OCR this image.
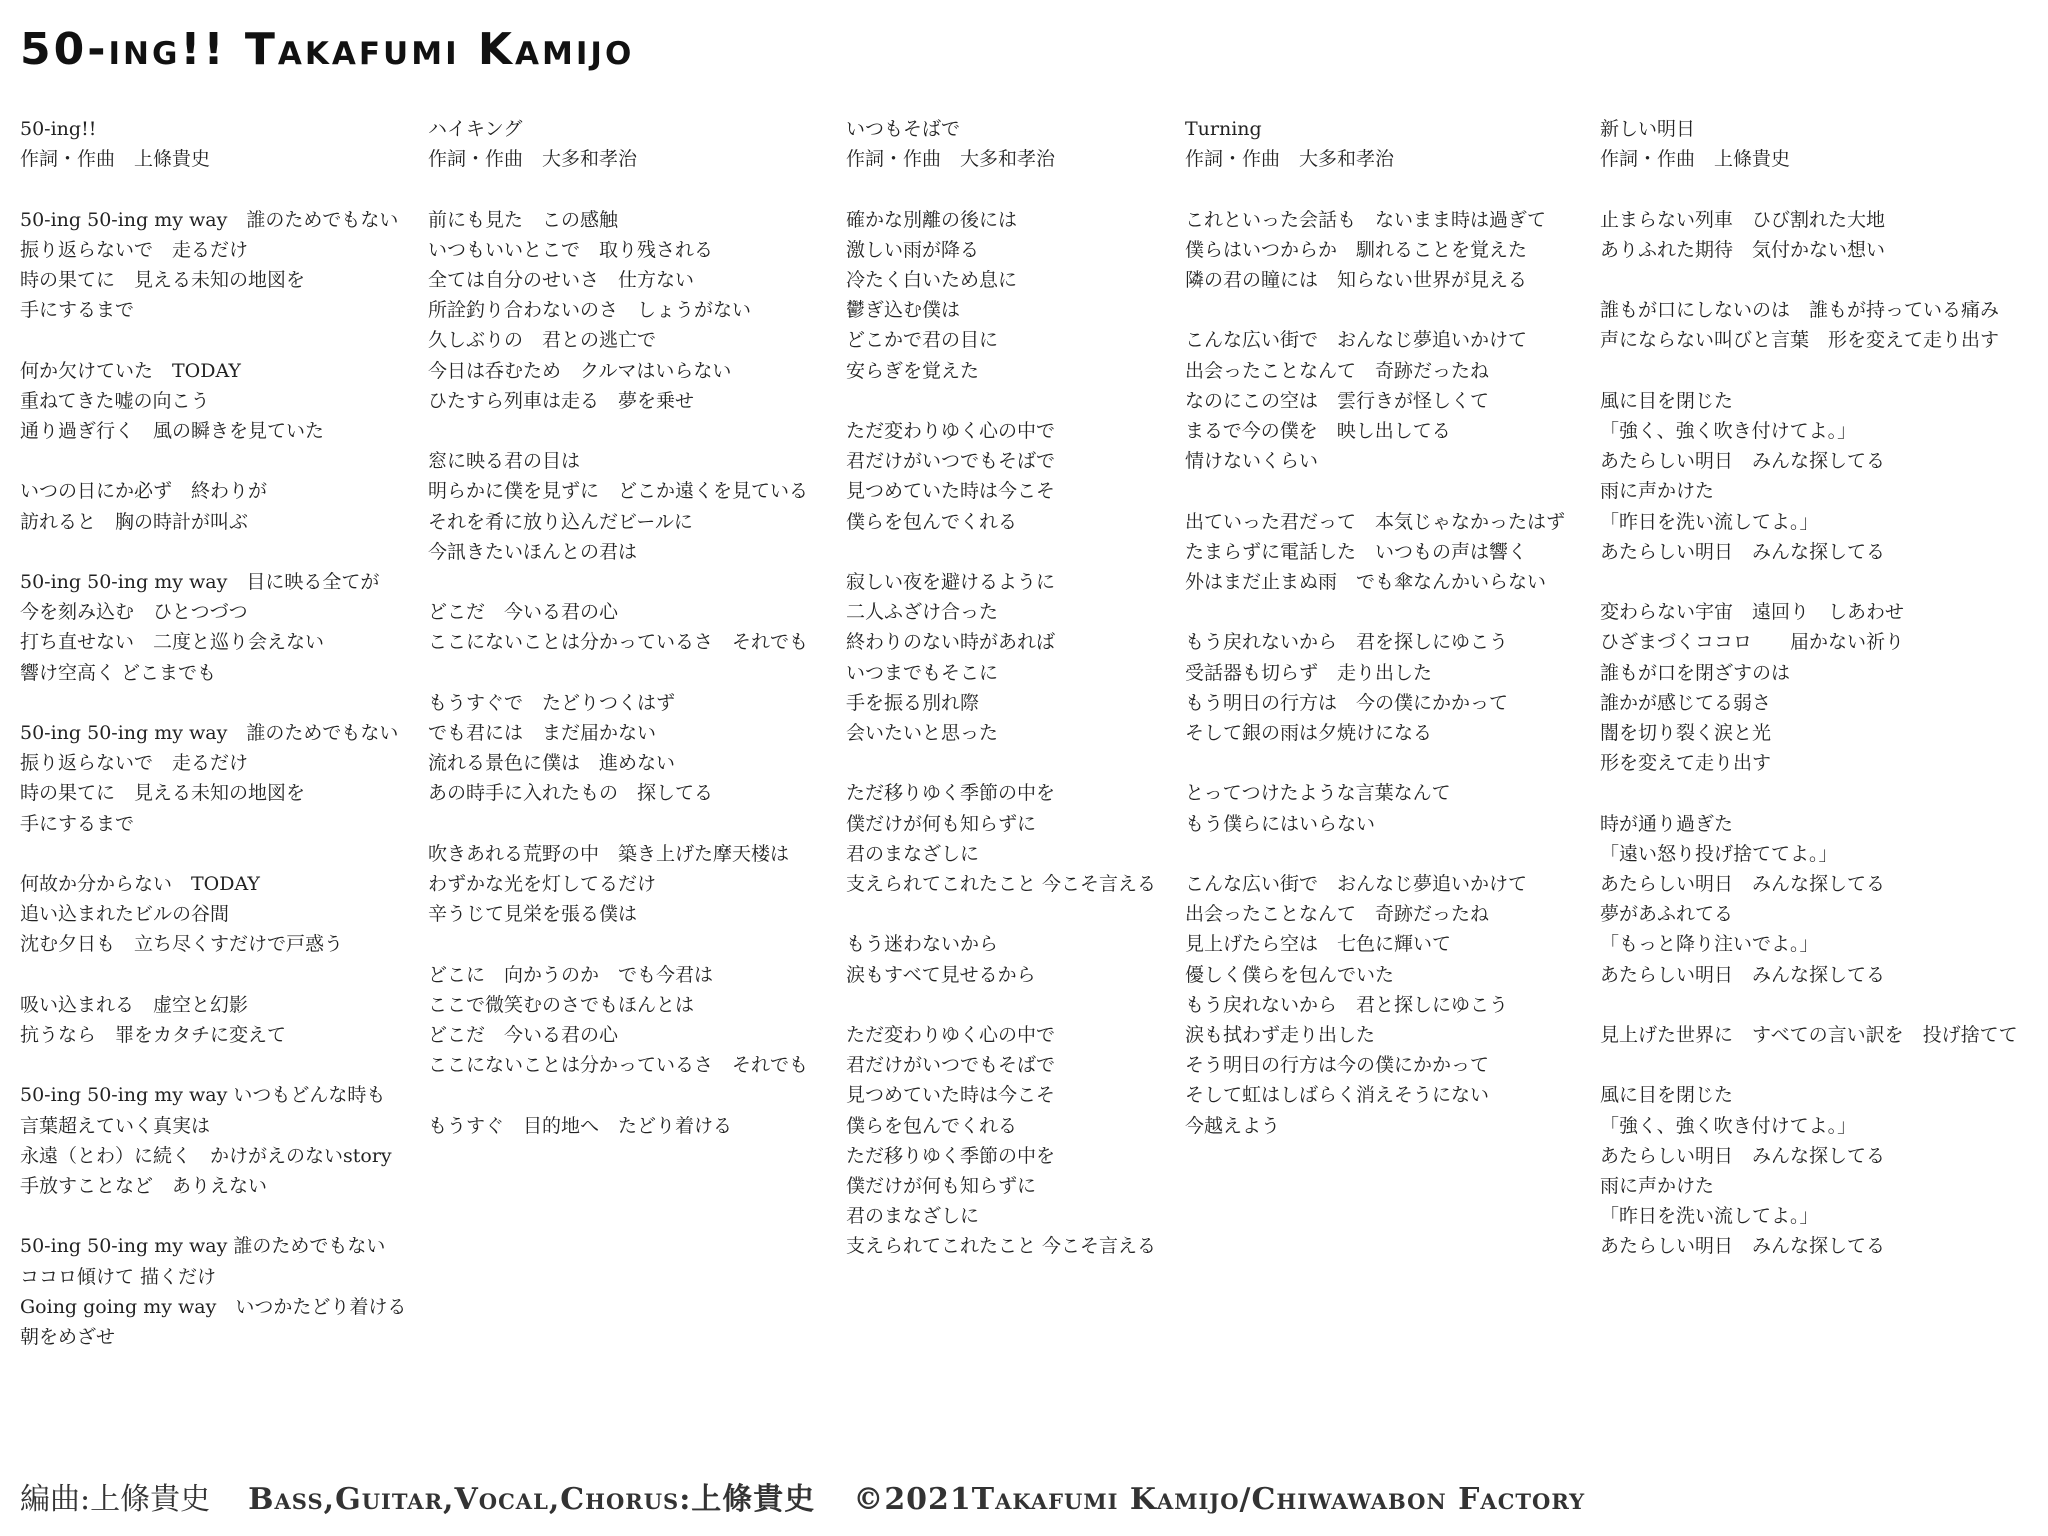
50-ing!! Takafumi Kamijo
50-ing!!
作詞・作曲　上條貴史
50-ing 50-ing my way　誰のためでもない
振り返らないで　走るだけ
時の果てに　見える未知の地図を
手にするまで
何か欠けていた　TODAY
重ねてきた嘘の向こう
通り過ぎ行く　風の瞬きを見ていた
いつの日にか必ず　終わりが
訪れると　胸の時計が叫ぶ
50-ing 50-ing my way　目に映る全てが
今を刻み込む　ひとつづつ
打ち直せない　二度と巡り会えない
響け空高く どこまでも
50-ing 50-ing my way　誰のためでもない
振り返らないで　走るだけ
時の果てに　見える未知の地図を
手にするまで
何故か分からない　TODAY
追い込まれたビルの谷間
沈む夕日も　立ち尽くすだけで戸惑う
吸い込まれる　虚空と幻影
抗うなら　罪をカタチに変えて
50-ing 50-ing my way いつもどんな時も
言葉超えていく真実は
永遠（とわ）に続く　かけがえのないstory
手放すことなど　ありえない
50-ing 50-ing my way 誰のためでもない
ココロ傾けて 描くだけ
Going going my way　いつかたどり着ける
朝をめざせ
ハイキング
作詞・作曲　大多和孝治
前にも見た　この感触
いつもいいとこで　取り残される
全ては自分のせいさ　仕方ない
所詮釣り合わないのさ　しょうがない
久しぶりの　君との逃亡で
今日は呑むため　クルマはいらない
ひたすら列車は走る　夢を乗せ
窓に映る君の目は
明らかに僕を見ずに　どこか遠くを見ている
それを肴に放り込んだビールに
今訊きたいほんとの君は
どこだ　今いる君の心
ここにないことは分かっているさ　それでも
もうすぐで　たどりつくはず
でも君には　まだ届かない
流れる景色に僕は　進めない
あの時手に入れたもの　探してる
吹きあれる荒野の中　築き上げた摩天楼は
わずかな光を灯してるだけ
辛うじて見栄を張る僕は
どこに　向かうのか　でも今君は
ここで微笑むのさでもほんとは
どこだ　今いる君の心
ここにないことは分かっているさ　それでも
もうすぐ　目的地へ　たどり着ける
いつもそばで
作詞・作曲　大多和孝治
確かな別離の後には
激しい雨が降る
冷たく白いため息に
鬱ぎ込む僕は
どこかで君の目に
安らぎを覚えた
ただ変わりゆく心の中で
君だけがいつでもそばで
見つめていた時は今こそ
僕らを包んでくれる
寂しい夜を避けるように
二人ふざけ合った
終わりのない時があれば
いつまでもそこに
手を振る別れ際
会いたいと思った
ただ移りゆく季節の中を
僕だけが何も知らずに
君のまなざしに
支えられてこれたこと 今こそ言える
もう迷わないから
涙もすべて見せるから
ただ変わりゆく心の中で
君だけがいつでもそばで
見つめていた時は今こそ
僕らを包んでくれる
ただ移りゆく季節の中を
僕だけが何も知らずに
君のまなざしに
支えられてこれたこと 今こそ言える
Turning
作詞・作曲　大多和孝治
これといった会話も　ないまま時は過ぎて
僕らはいつからか　馴れることを覚えた
隣の君の瞳には　知らない世界が見える
こんな広い街で　おんなじ夢追いかけて
出会ったことなんて　奇跡だったね
なのにこの空は　雲行きが怪しくて
まるで今の僕を　映し出してる
情けないくらい
出ていった君だって　本気じゃなかったはず
たまらずに電話した　いつもの声は響く
外はまだ止まぬ雨　でも傘なんかいらない
もう戻れないから　君を探しにゆこう
受話器も切らず　走り出した
もう明日の行方は　今の僕にかかって
そして銀の雨は夕焼けになる
とってつけたような言葉なんて
もう僕らにはいらない
こんな広い街で　おんなじ夢追いかけて
出会ったことなんて　奇跡だったね
見上げたら空は　七色に輝いて
優しく僕らを包んでいた
もう戻れないから　君と探しにゆこう
涙も拭わず走り出した
そう明日の行方は今の僕にかかって
そして虹はしばらく消えそうにない
今越えよう
新しい明日
作詞・作曲　上條貴史
止まらない列車　ひび割れた大地
ありふれた期待　気付かない想い
誰もが口にしないのは　誰もが持っている痛み
声にならない叫びと言葉　形を変えて走り出す
風に目を閉じた
「強く、強く吹き付けてよ。」
あたらしい明日　みんな探してる
雨に声かけた
「昨日を洗い流してよ。」
あたらしい明日　みんな探してる
変わらない宇宙　遠回り　しあわせ
ひざまづくココロ　　届かない祈り
誰もが口を閉ざすのは
誰かが感じてる弱さ
闇を切り裂く涙と光
形を変えて走り出す
時が通り過ぎた
「遠い怒り投げ捨ててよ。」
あたらしい明日　みんな探してる
夢があふれてる
「もっと降り注いでよ。」
あたらしい明日　みんな探してる
見上げた世界に　すべての言い訳を　投げ捨てて
風に目を閉じた
「強く、強く吹き付けてよ。」
あたらしい明日　みんな探してる
雨に声かけた
「昨日を洗い流してよ。」
あたらしい明日　みんな探してる
編曲:上條貴史 Bass,Guitar,Vocal,Chorus:上條貴史 ©2021Takafumi Kamijo/Chiwawabon Factory
